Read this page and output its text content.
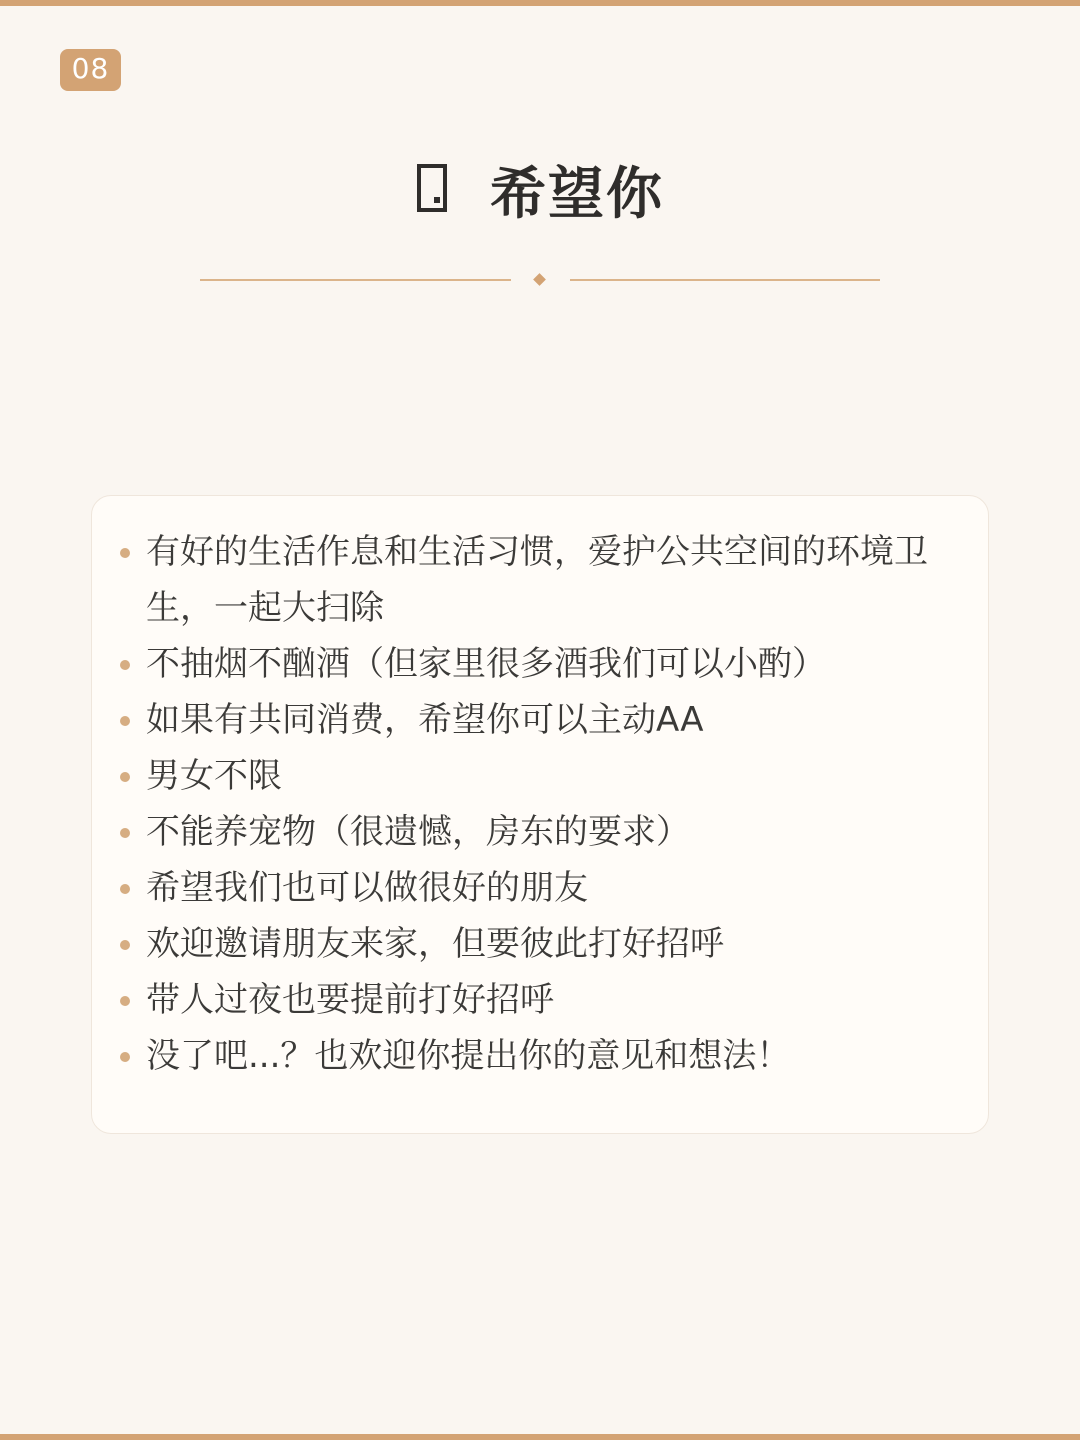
08
希望你
有好的生活作息和生活习惯，爱护公共空间的环境卫生，一起大扫除
不抽烟不酗酒（但家里很多酒我们可以小酌）
如果有共同消费，希望你可以主动AA
男女不限
不能养宠物（很遗憾，房东的要求）
希望我们也可以做很好的朋友
欢迎邀请朋友来家，但要彼此打好招呼
带人过夜也要提前打好招呼
没了吧...？也欢迎你提出你的意见和想法！
